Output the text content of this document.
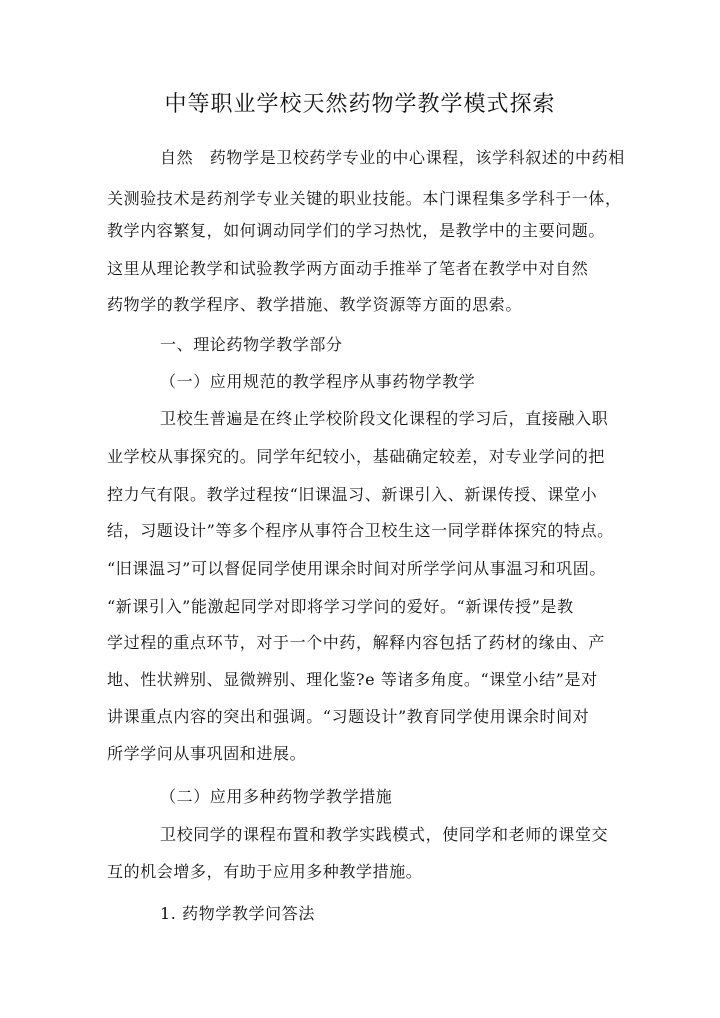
中等职业学校天然药物学教学模式探索
自然　药物学是卫校药学专业的中心课程，该学科叙述的中药相
关测验技术是药剂学专业关键的职业技能。本门课程集多学科于一体，
教学内容繁复，如何调动同学们的学习热忱，是教学中的主要问题。
这里从理论教学和试验教学两方面动手推举了笔者在教学中对自然
药物学的教学程序、教学措施、教学资源等方面的思索。
一、理论药物学教学部分
（一）应用规范的教学程序从事药物学教学
卫校生普遍是在终止学校阶段文化课程的学习后，直接融入职
业学校从事探究的。同学年纪较小，基础确定较差，对专业学问的把
控力气有限。教学过程按“旧课温习、新课引入、新课传授、课堂小
结，习题设计”等多个程序从事符合卫校生这一同学群体探究的特点。
“旧课温习”可以督促同学使用课余时间对所学学问从事温习和巩固。
“新课引入”能激起同学对即将学习学问的爱好。“新课传授”是教
学过程的重点环节，对于一个中药，解释内容包括了药材的缘由、产
地、性状辨别、显微辨别、理化鉴?e 等诸多角度。“课堂小结”是对
讲课重点内容的突出和强调。“习题设计”教育同学使用课余时间对
所学学问从事巩固和进展。
（二）应用多种药物学教学措施
卫校同学的课程布置和教学实践模式，使同学和老师的课堂交
互的机会增多，有助于应用多种教学措施。
1. 药物学教学问答法
